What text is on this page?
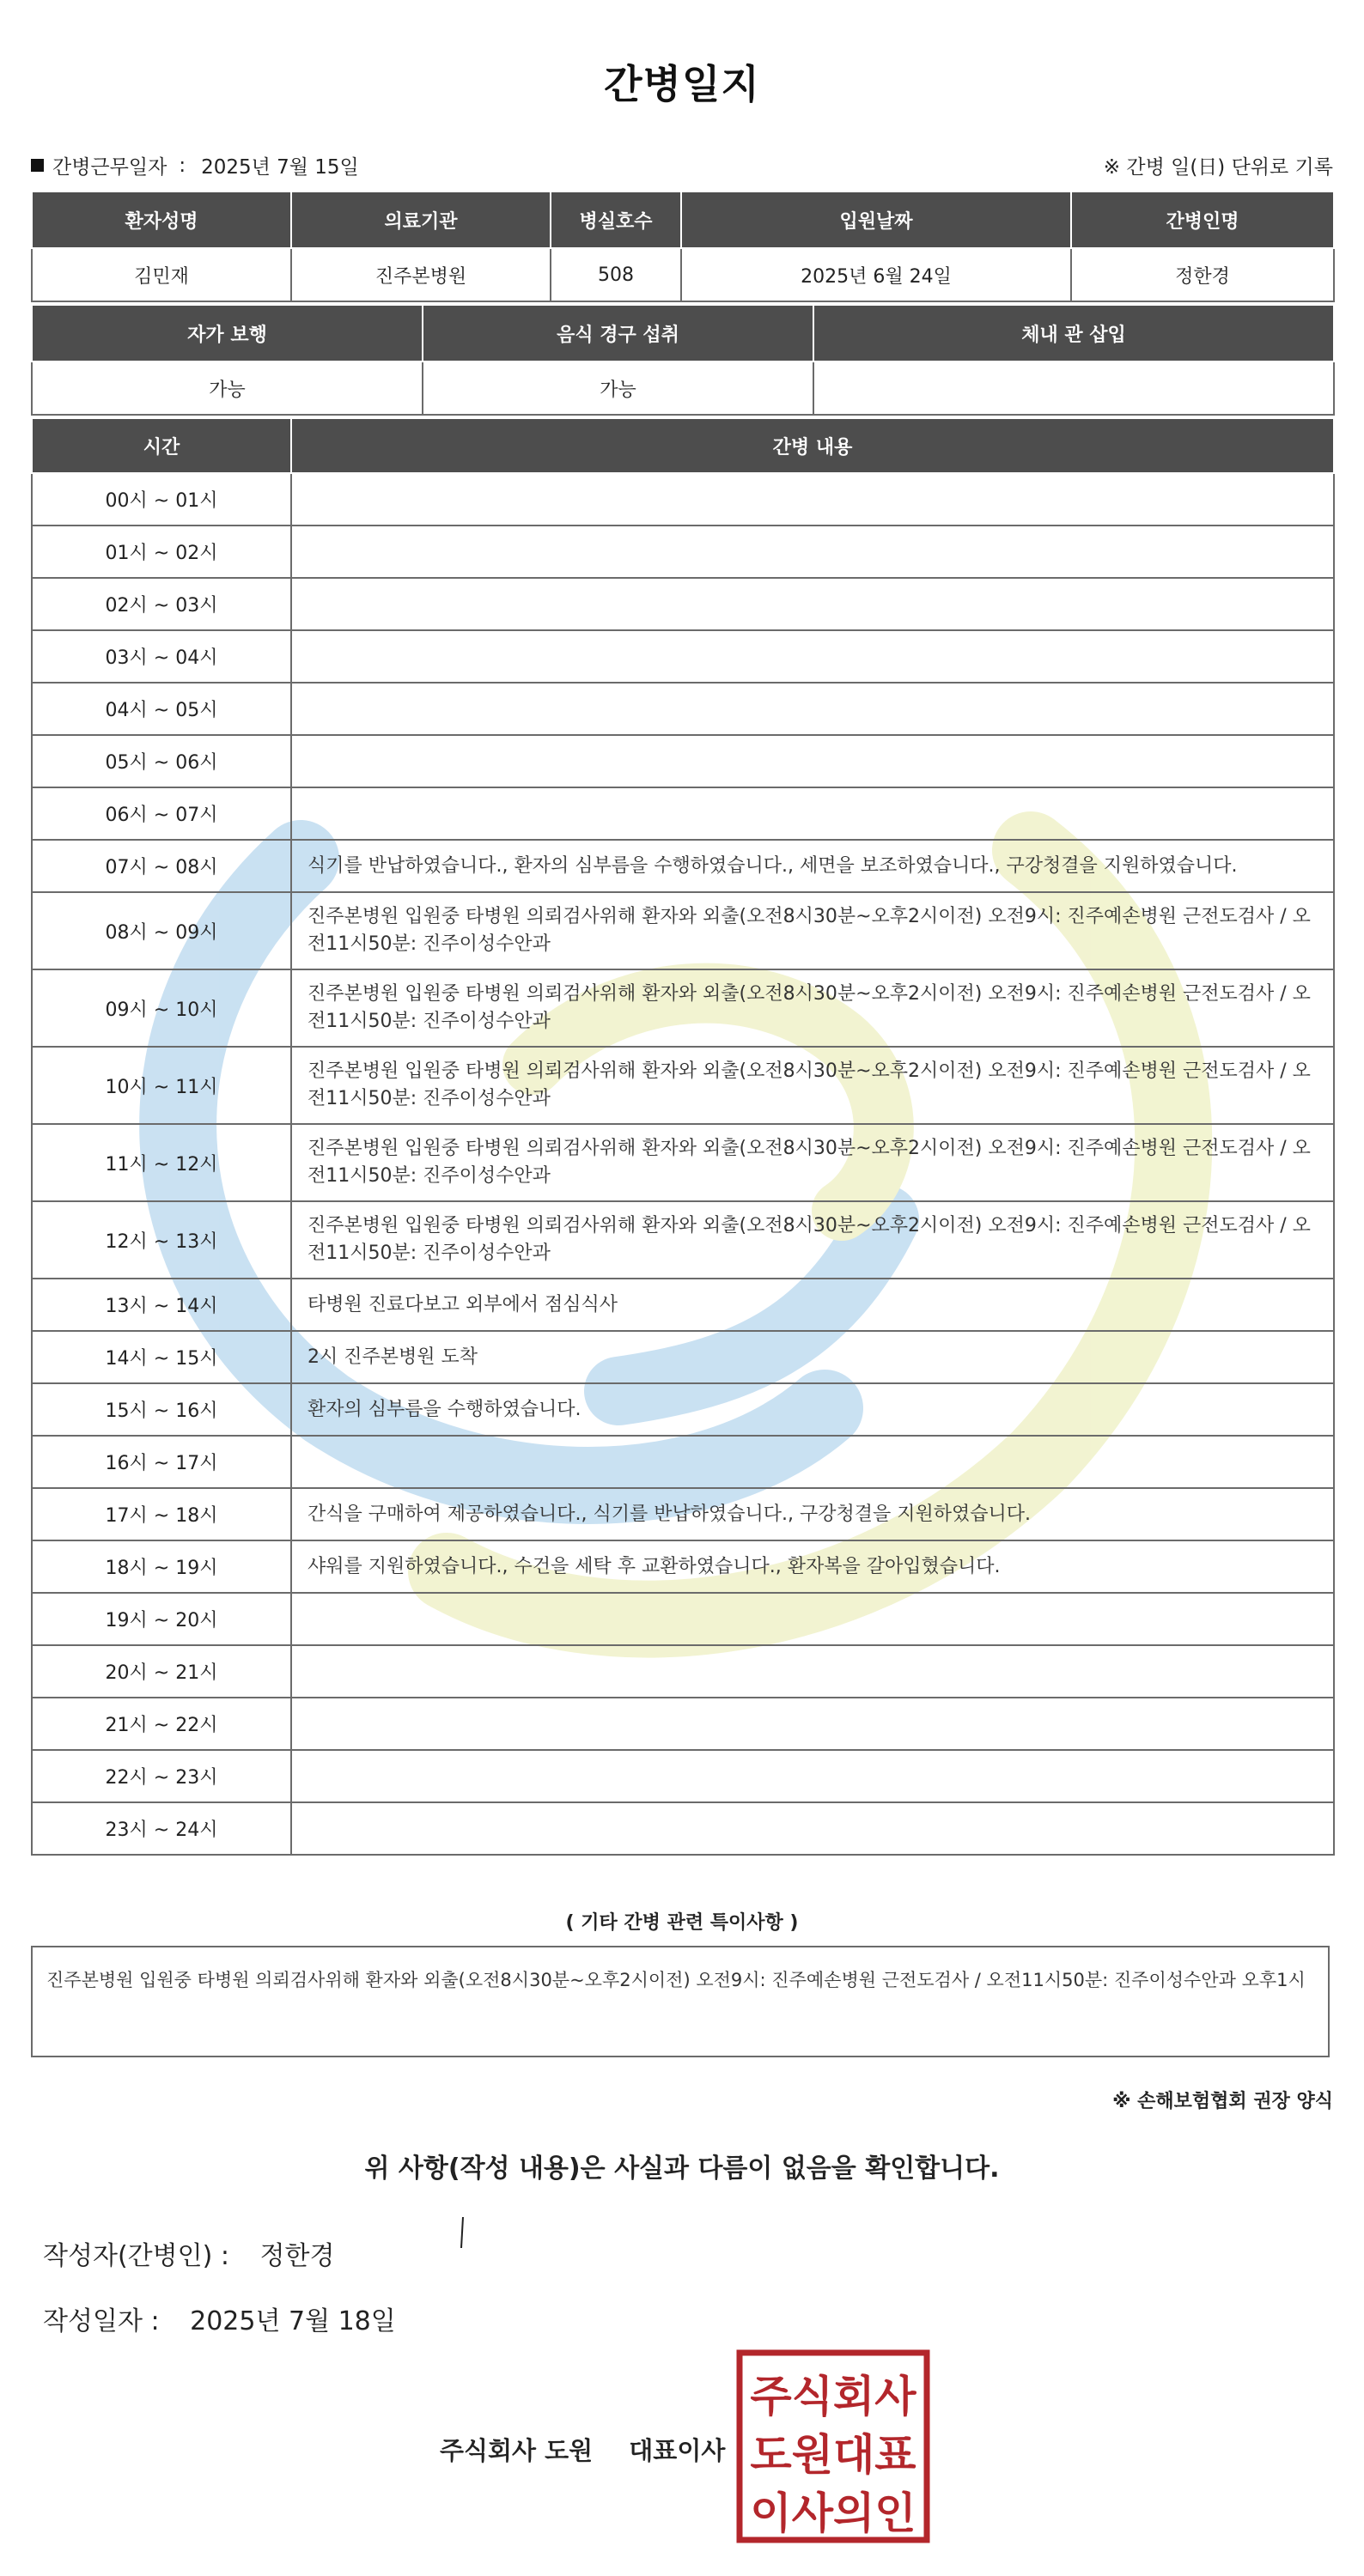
간병일지
간병근무일자 : 2025년 7월 15일	※ 간병 일(日) 단위로 기록
환자성명	의료기관	병실호수	입원날짜	간병인명
김민재	진주본병원	508	2025년 6월 24일	정한경
자가 보행	음식 경구 섭취	체내 관 삽입
가능	가능	
시간	간병 내용
00시 ~ 01시	
01시 ~ 02시	
02시 ~ 03시	
03시 ~ 04시	
04시 ~ 05시	
05시 ~ 06시	
06시 ~ 07시	
07시 ~ 08시	식기를 반납하였습니다., 환자의 심부름을 수행하였습니다., 세면을 보조하였습니다., 구강청결을 지원하였습니다.
08시 ~ 09시	진주본병원 입원중 타병원 의뢰검사위해 환자와 외출(오전8시30분~오후2시이전) 오전9시: 진주예손병원 근전도검사 / 오전11시50분: 진주이성수안과
09시 ~ 10시	진주본병원 입원중 타병원 의뢰검사위해 환자와 외출(오전8시30분~오후2시이전) 오전9시: 진주예손병원 근전도검사 / 오전11시50분: 진주이성수안과
10시 ~ 11시	진주본병원 입원중 타병원 의뢰검사위해 환자와 외출(오전8시30분~오후2시이전) 오전9시: 진주예손병원 근전도검사 / 오전11시50분: 진주이성수안과
11시 ~ 12시	진주본병원 입원중 타병원 의뢰검사위해 환자와 외출(오전8시30분~오후2시이전) 오전9시: 진주예손병원 근전도검사 / 오전11시50분: 진주이성수안과
12시 ~ 13시	진주본병원 입원중 타병원 의뢰검사위해 환자와 외출(오전8시30분~오후2시이전) 오전9시: 진주예손병원 근전도검사 / 오전11시50분: 진주이성수안과
13시 ~ 14시	타병원 진료다보고 외부에서 점심식사
14시 ~ 15시	2시 진주본병원 도착
15시 ~ 16시	환자의 심부름을 수행하였습니다.
16시 ~ 17시	
17시 ~ 18시	간식을 구매하여 제공하였습니다., 식기를 반납하였습니다., 구강청결을 지원하였습니다.
18시 ~ 19시	샤워를 지원하였습니다., 수건을 세탁 후 교환하였습니다., 환자복을 갈아입혔습니다.
19시 ~ 20시	
20시 ~ 21시	
21시 ~ 22시	
22시 ~ 23시	
23시 ~ 24시	
( 기타 간병 관련 특이사항 )
진주본병원 입원중 타병원 의뢰검사위해 환자와 외출(오전8시30분~오후2시이전) 오전9시: 진주예손병원 근전도검사 / 오전11시50분: 진주이성수안과 오후1시
※ 손해보험협회 권장 양식
위 사항(작성 내용)은 사실과 다름이 없음을 확인합니다.
작성자(간병인) : 정한경
작성일자 : 2025년 7월 18일
주식회사 도원 대표이사
주식회사
도원대표
이사의인
